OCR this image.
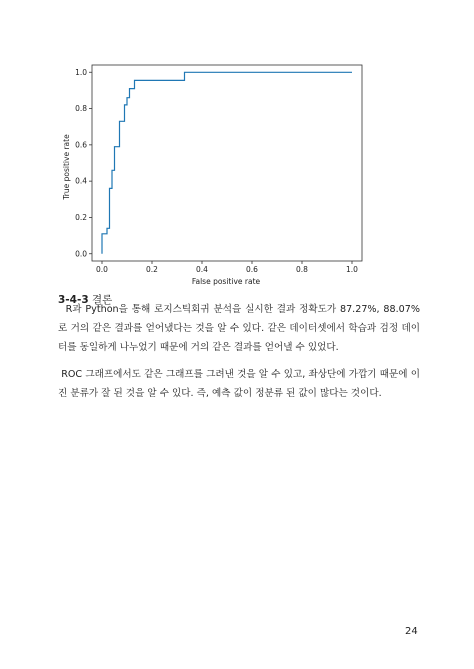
True positive rate
False positive rate
0.0	0.2	0.4	0.6	0.8	1.0
0.0
0.2
0.4
0.6
0.8
1.0
3-4-3 결론

R과 Python을 통해 로지스틱회귀 분석을 실시한 결과 정확도가 87.27%, 88.07%로 거의 같은 결과를 얻어냈다는 것을 알 수 있다. 같은 데이터셋에서 학습과 검정 데이터를 동일하게 나누었기 때문에 거의 같은 결과를 얻어낼 수 있었다.

ROC 그래프에서도 같은 그래프를 그려낸 것을 알 수 있고, 좌상단에 가깝기 때문에 이진 분류가 잘 된 것을 알 수 있다. 즉, 예측 값이 정분류 된 값이 많다는 것이다.

24
